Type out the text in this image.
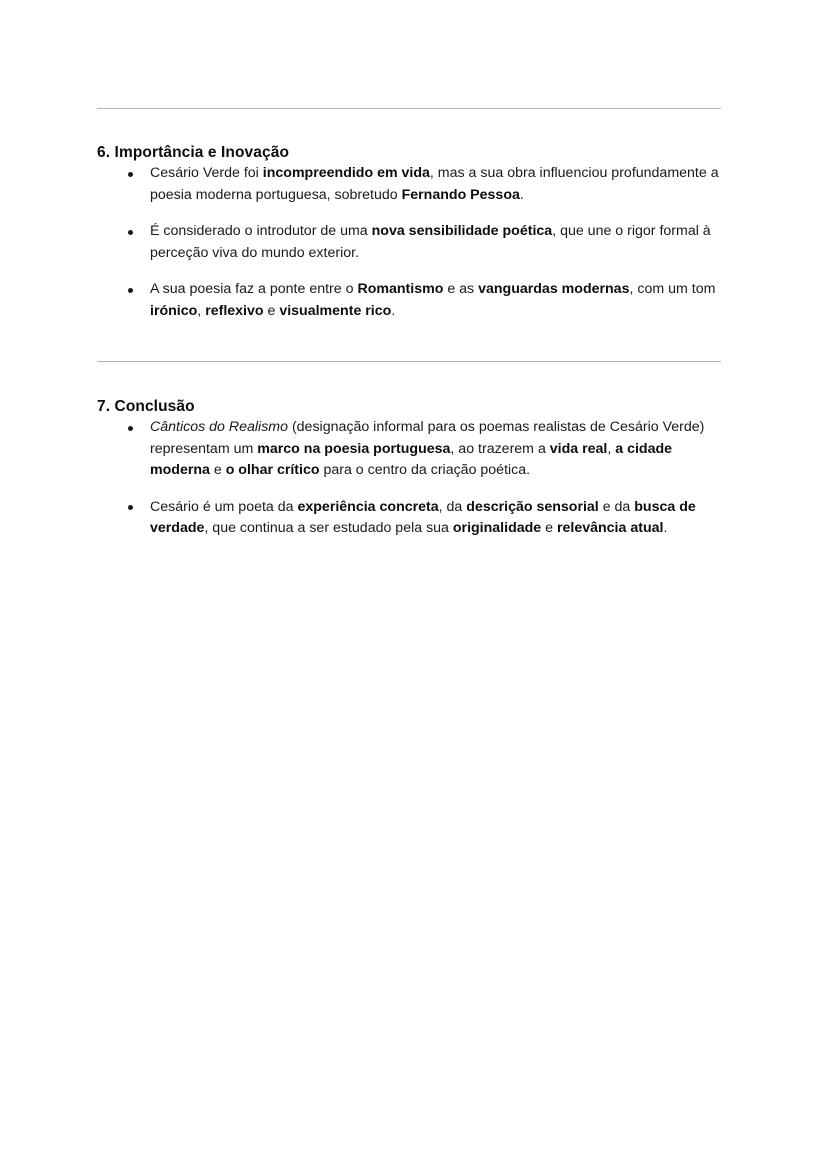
6. Importância e Inovação
Cesário Verde foi incompreendido em vida, mas a sua obra influenciou profundamente a poesia moderna portuguesa, sobretudo Fernando Pessoa.
É considerado o introdutor de uma nova sensibilidade poética, que une o rigor formal à perceção viva do mundo exterior.
A sua poesia faz a ponte entre o Romantismo e as vanguardas modernas, com um tom irónico, reflexivo e visualmente rico.
7. Conclusão
Cânticos do Realismo (designação informal para os poemas realistas de Cesário Verde) representam um marco na poesia portuguesa, ao trazerem a vida real, a cidade moderna e o olhar crítico para o centro da criação poética.
Cesário é um poeta da experiência concreta, da descrição sensorial e da busca de verdade, que continua a ser estudado pela sua originalidade e relevância atual.
